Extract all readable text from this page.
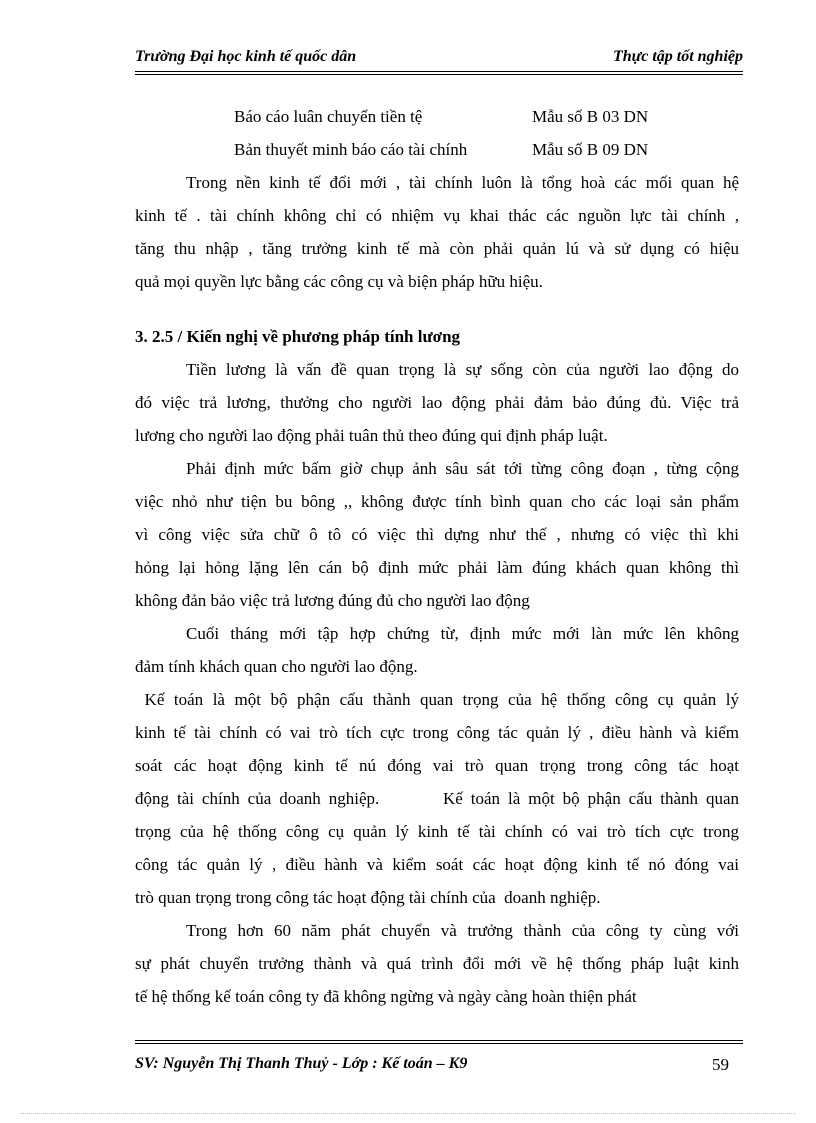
Trường Đại học kinh tế quốc dân	Thực tập tốt nghiệp
Báo cáo luân chuyển tiền tệ	Mẫu số B 03 DN
Bản thuyết minh báo cáo tài chính	Mẫu số B 09 DN
Trong nền kinh tế đổi mới , tài chính luôn là tổng hoà các mối quan hệ
kinh tế . tài chính không chỉ có nhiệm vụ khai thác các nguồn lực tài chính ,
tăng thu nhập , tăng trưởng kinh tế mà còn phải quản lú và sử dụng có hiệu
quả mọi quyền lực bằng các công cụ và biện pháp hữu hiệu.
3. 2.5 / Kiến nghị về phương pháp tính lương
Tiền lương là vấn đề quan trọng là sự sống còn của người lao động do
đó việc trả lương, thưởng cho người lao động phải đảm bảo đúng đủ. Việc trả
lương cho người lao động phải tuân thủ theo đúng qui định pháp luật.
Phải định mức bấm giờ chụp ảnh sâu sát tới từng công đoạn , từng cộng
việc nhỏ như tiện bu bông ,, không được tính bình quan cho các loại sản phẩm
vì công việc sửa chữ ô tô có việc thì dựng như thế , nhưng có việc thì khi
hỏng lại hỏng lặng lên cán bộ định mức phải làm đúng khách quan không thì
không đản bảo việc trả lương đúng đủ cho người lao động
Cuối tháng mới tập hợp chứng từ, định mức mới làn mức lên không
đảm tính khách quan cho người lao động.
Kế toán là một bộ phận cấu thành quan trọng của hệ thống công cụ quản lý
kinh tế tài chính có vai trò tích cực trong công tác quản lý , điều hành và kiểm
soát các hoạt động kinh tế nú đóng vai trò quan trọng trong công tác hoạt
động tài chính của doanh nghiệp.        Kế toán là một bộ phận cấu thành quan
trọng của hệ thống công cụ quản lý kinh tế tài chính có vai trò tích cực trong
công tác quản lý , điều hành và kiểm soát các hoạt động kinh tế nó đóng vai
trò quan trọng trong công tác hoạt động tài chính của  doanh nghiệp.
Trong hơn 60 năm phát chuyển và trưởng thành của công ty cùng với
sự phát chuyển trưởng thành và quá trình đổi mới về hệ thống pháp luật kinh
tế hệ thống kế toán công ty đã không ngừng và ngày càng hoàn thiện phát
SV: Nguyễn Thị Thanh Thuỷ - Lớp : Kế toán – K9	59
